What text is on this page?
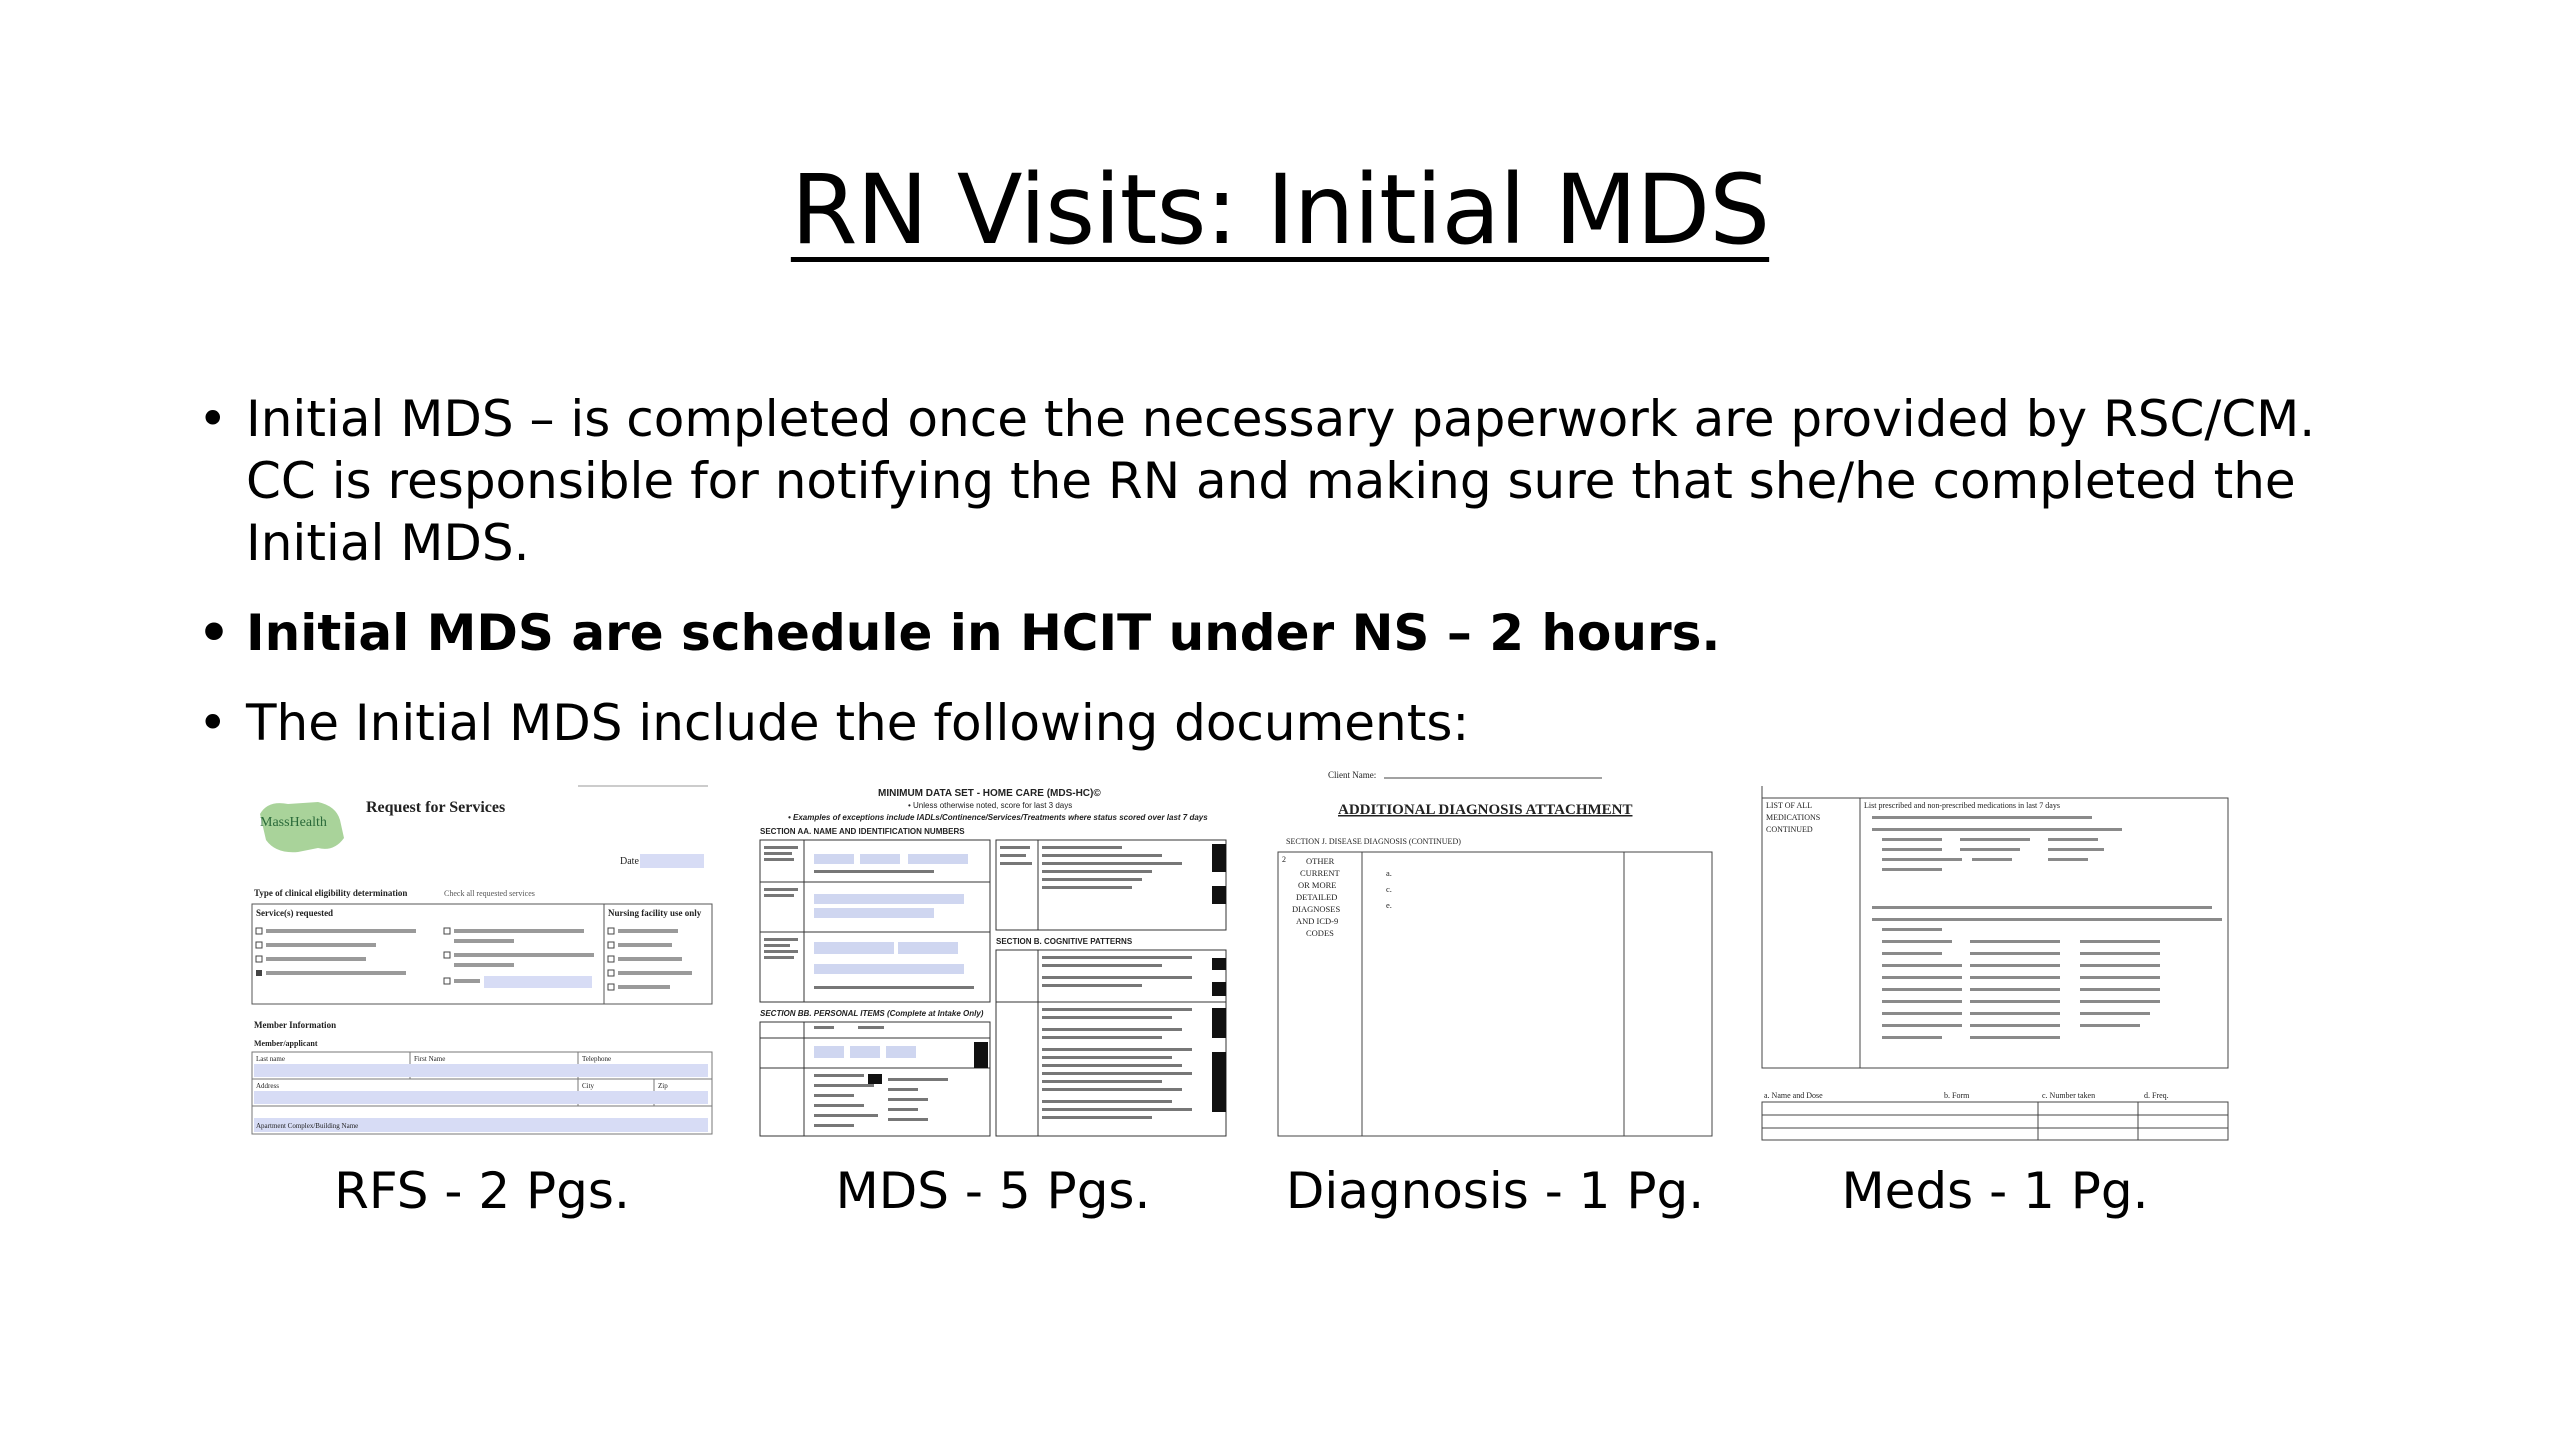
RN Visits: Initial MDS
• Initial MDS – is completed once the necessary paperwork are provided by RSC/CM. CC is responsible for notifying the RN and making sure that she/he completed the Initial MDS.
• Initial MDS are schedule in HCIT under NS – 2 hours.
• The Initial MDS include the following documents:
MassHealth
Request for Services
Date
Type of clinical eligibility determination	Check all requested services
Service(s) requested	Nursing facility use only
Member Information
Member/applicant
Last name	First Name	Telephone
Address	City	Zip
Apartment Complex/Building Name
RFS - 2 Pgs.
MINIMUM DATA SET - HOME CARE (MDS-HC)©
• Unless otherwise noted, score for last 3 days
• Examples of exceptions include IADLs/Continence/Services/Treatments where status scored over last 7 days
SECTION AA. NAME AND IDENTIFICATION NUMBERS
SECTION B. COGNITIVE PATTERNS
SECTION BB. PERSONAL ITEMS (Complete at Intake Only)
MDS - 5 Pgs.
Client Name:
ADDITIONAL DIAGNOSIS ATTACHMENT
SECTION J. DISEASE DIAGNOSIS (CONTINUED)
2 OTHER
CURRENT
OR MORE
DETAILED
DIAGNOSES
AND ICD-9
CODES
a.
c.
e.
Diagnosis - 1 Pg.
LIST OF ALL
MEDICATIONS
CONTINUED
List prescribed and non-prescribed medications in last 7 days
a. Name and Dose	b. Form	c. Number taken	d. Freq.
Meds - 1 Pg.
